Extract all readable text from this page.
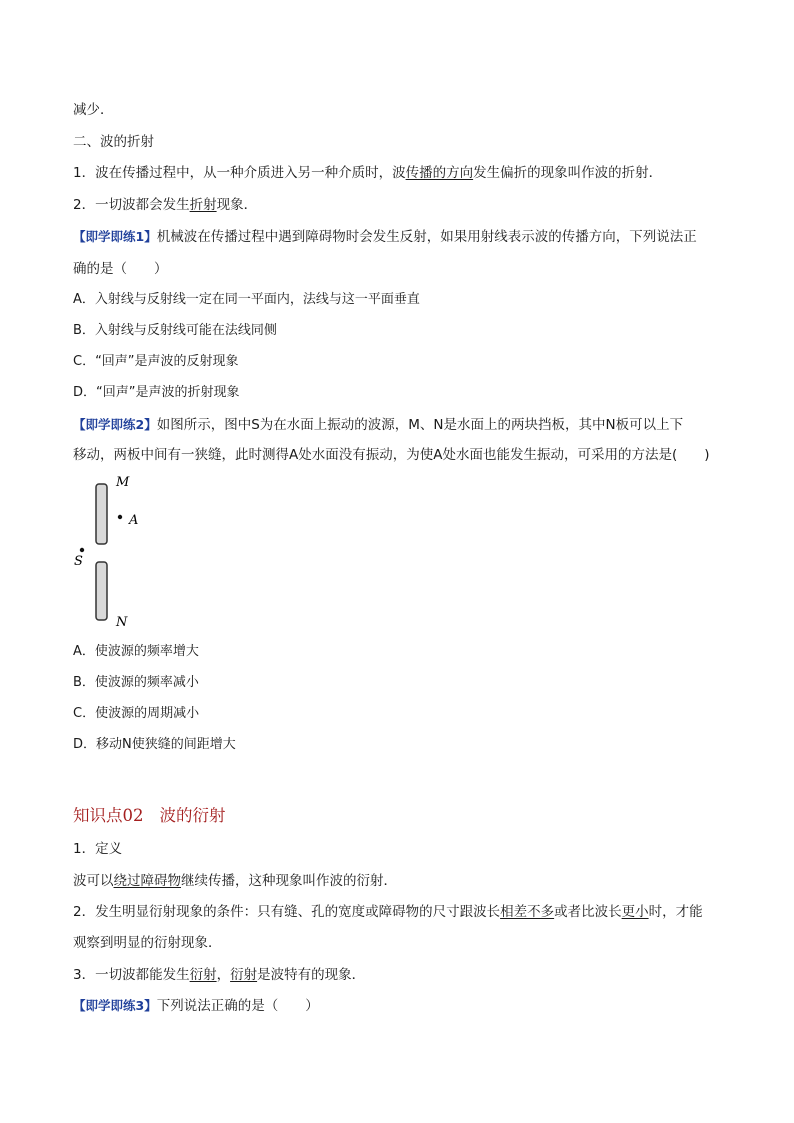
减少．
二、波的折射
1．波在传播过程中，从一种介质进入另一种介质时，波传播的方向发生偏折的现象叫作波的折射．
2．一切波都会发生折射现象．
【即学即练1】机械波在传播过程中遇到障碍物时会发生反射，如果用射线表示波的传播方向，下列说法正
确的是（　　）
A．入射线与反射线一定在同一平面内，法线与这一平面垂直
B．入射线与反射线可能在法线同侧
C．“回声”是声波的反射现象
D．“回声”是声波的折射现象
【即学即练2】如图所示，图中S为在水面上振动的波源，M、N是水面上的两块挡板，其中N板可以上下
移动，两板中间有一狭缝，此时测得A处水面没有振动，为使A处水面也能发生振动，可采用的方法是(　　)
M
A
S
N
A．使波源的频率增大
B．使波源的频率减小
C．使波源的周期减小
D．移动N使狭缝的间距增大
知识点02 波的衍射
1．定义
波可以绕过障碍物继续传播，这种现象叫作波的衍射．
2．发生明显衍射现象的条件：只有缝、孔的宽度或障碍物的尺寸跟波长相差不多或者比波长更小时，才能
观察到明显的衍射现象．
3．一切波都能发生衍射，衍射是波特有的现象．
【即学即练3】下列说法正确的是（　　）
